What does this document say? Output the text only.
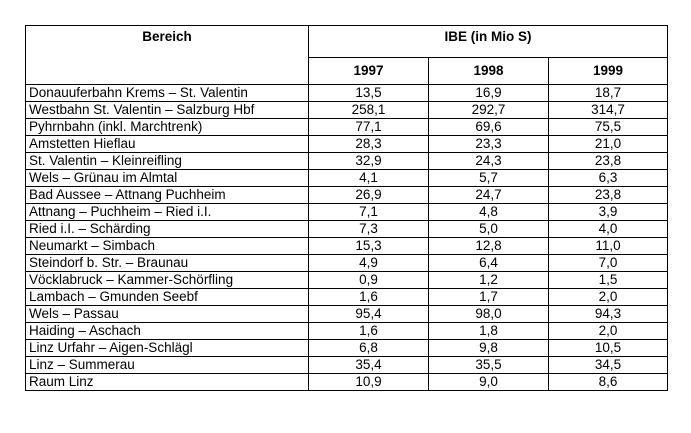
Bereich	IBE (in Mio S)		
	1997	1998	1999
Donauuferbahn Krems – St. Valentin	13,5	16,9	18,7
Westbahn St. Valentin – Salzburg Hbf	258,1	292,7	314,7
Pyhrnbahn (inkl. Marchtrenk)	77,1	69,6	75,5
Amstetten Hieflau	28,3	23,3	21,0
St. Valentin – Kleinreifling	32,9	24,3	23,8
Wels – Grünau im Almtal	4,1	5,7	6,3
Bad Aussee – Attnang Puchheim	26,9	24,7	23,8
Attnang – Puchheim – Ried i.I.	7,1	4,8	3,9
Ried i.I. – Schärding	7,3	5,0	4,0
Neumarkt – Simbach	15,3	12,8	11,0
Steindorf b. Str. – Braunau	4,9	6,4	7,0
Vöcklabruck – Kammer-Schörfling	0,9	1,2	1,5
Lambach – Gmunden Seebf	1,6	1,7	2,0
Wels – Passau	95,4	98,0	94,3
Haiding – Aschach	1,6	1,8	2,0
Linz Urfahr – Aigen-Schlägl	6,8	9,8	10,5
Linz – Summerau	35,4	35,5	34,5
Raum Linz	10,9	9,0	8,6
